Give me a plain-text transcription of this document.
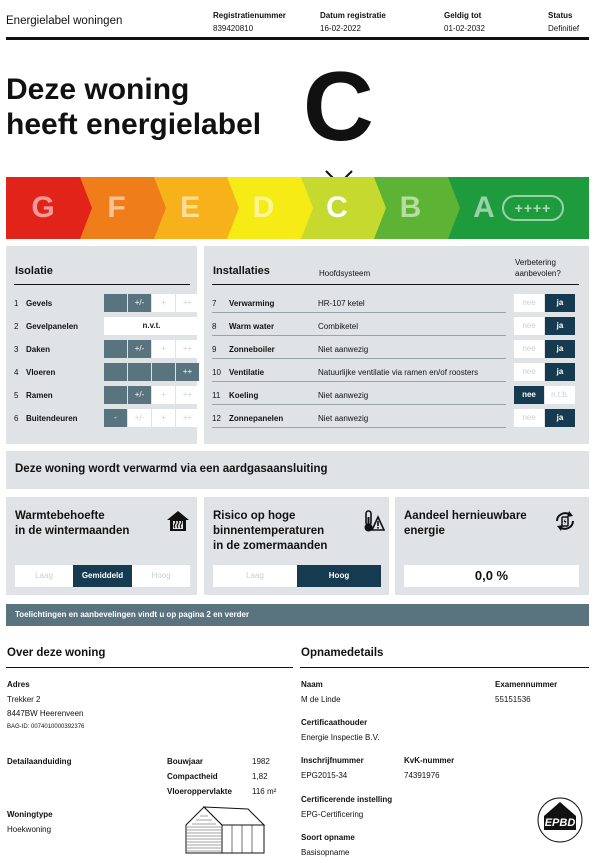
Energielabel woningen	Registratienummer
839420810
Datum registratie
16-02-2022
Geldig tot
01-02-2032
Status
Definitief
Deze woning
heeft energielabel C
G	F	E	D	C	B	A	++++
Isolatie
1 Gevels	+/-	+	++
2 Gevelpanelen	n.v.t.
3 Daken	+/-	+	++
4 Vloeren	++
5 Ramen	+/-	+	++
6 Buitendeuren	-	+/-	+	++
Installaties	Hoofdsysteem
Verbetering
aanbevolen?
7 Verwarming	HR-107 ketel	nee	ja
8 Warm water	Combiketel	nee	ja
9 Zonneboiler	Niet aanwezig	nee	ja
10 Ventilatie	Natuurlijke ventilatie via ramen en/of roosters	nee	ja
11 Koeling	Niet aanwezig	nee	n.t.b.
12 Zonnepanelen	Niet aanwezig	nee	ja
Deze woning wordt verwarmd via een aardgasaansluiting
Warmtebehoefte
in de wintermaanden
Laag	Gemiddeld	Hoog
Risico op hoge
binnentemperaturen
in de zomermaanden
Laag	Hoog
Aandeel hernieuwbare
energie
0,0 %
Toelichtingen en aanbevelingen vindt u op pagina 2 en verder
Over deze woning
Adres
Trekker 2
8447BW Heerenveen
BAG-ID: 0074010000392376
Detailaanduiding	Bouwjaar	1982
Compactheid	1,82
Vloeroppervlakte	116 m²
Woningtype
Hoekwoning
Opnamedetails
Naam
M de Linde
Examennummer
55151536
Certificaathouder
Energie Inspectie B.V.
Inschrijfnummer
EPG2015-34
KvK-nummer
74391976
Certificerende instelling
EPG-Certificering
Soort opname
Basisopname
EPBD
